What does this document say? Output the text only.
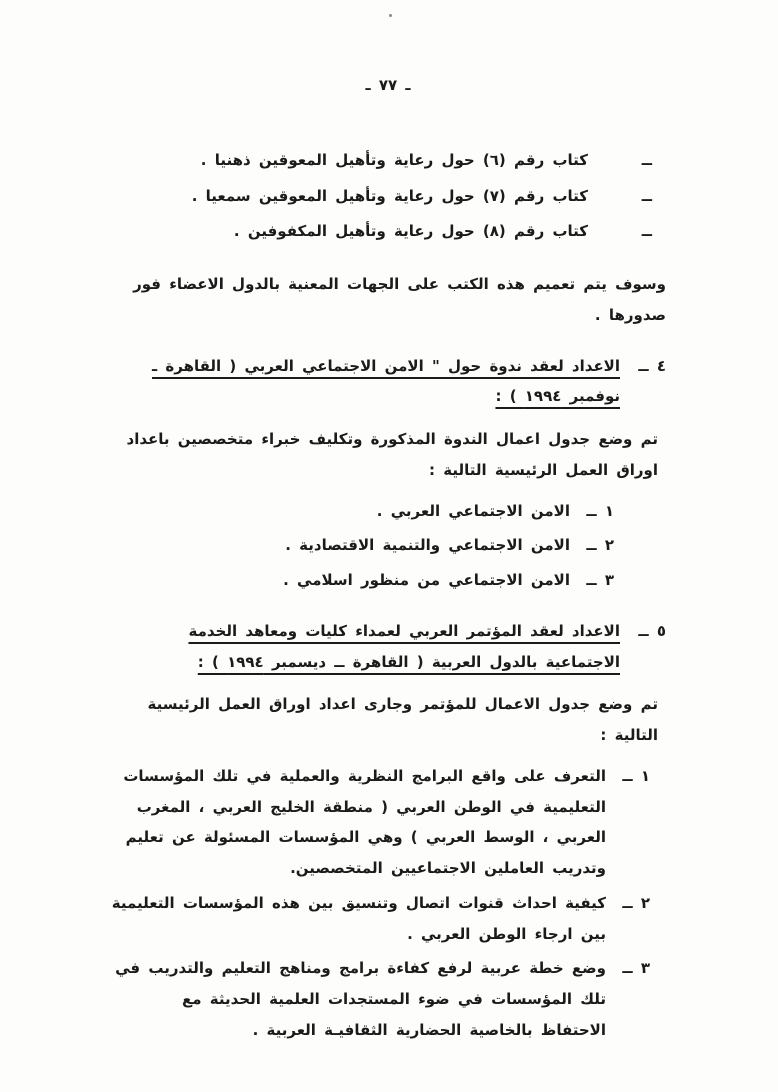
ـ ٧٧ ـ
ــ
كتاب رقم (٦) حول رعاية وتأهيل المعوقين ذهنيا .
ــ
كتاب رقم (٧) حول رعاية وتأهيل المعوقين سمعيا .
ــ
كتاب رقم (٨) حول رعاية وتأهيل المكفوفين .

وسوف يتم تعميم هذه الكتب على الجهات المعنية بالدول الاعضاء فور صدورها .

٤ ــ
الاعداد لعقد ندوة حول " الامن الاجتماعي العربي ( القاهرة ـ نوفمبر ١٩٩٤ ) :

تم وضع جدول اعمال الندوة المذكورة وتكليف خبراء متخصصين باعداد اوراق العمل الرئيسية التالية :

١ ــ
الامن الاجتماعي العربي .
٢ ــ
الامن الاجتماعي والتنمية الاقتصادية .
٣ ــ
الامن الاجتماعي من منظور اسلامي .
٥ ــ
الاعداد لعقد المؤتمر العربي لعمداء كليات ومعاهد الخدمة الاجتماعية بالدول العربية ( القاهرة ــ ديسمبر ١٩٩٤ ) :

تم وضع جدول الاعمال للمؤتمر وجارى اعداد اوراق العمل الرئيسية التالية :

١ ــ
التعرف على واقع البرامج النظرية والعملية في تلك المؤسسات التعليمية في الوطن العربي ( منطقة الخليج العربي ، المغرب العربي ، الوسط العربي ) وهي المؤسسات المسئولة عن تعليم وتدريب العاملين الاجتماعيين المتخصصين.
٢ ــ
كيفية احداث قنوات اتصال وتنسيق بين هذه المؤسسات التعليمية بين ارجاء الوطن العربي .
٣ ــ
وضع خطة عربية لرفع كفاءة برامج ومناهج التعليم والتدريب في تلك المؤسسات في ضوء المستجدات العلمية الحديثة مع الاحتفاظ بالخاصية الحضارية الثقافيـة العربية .
